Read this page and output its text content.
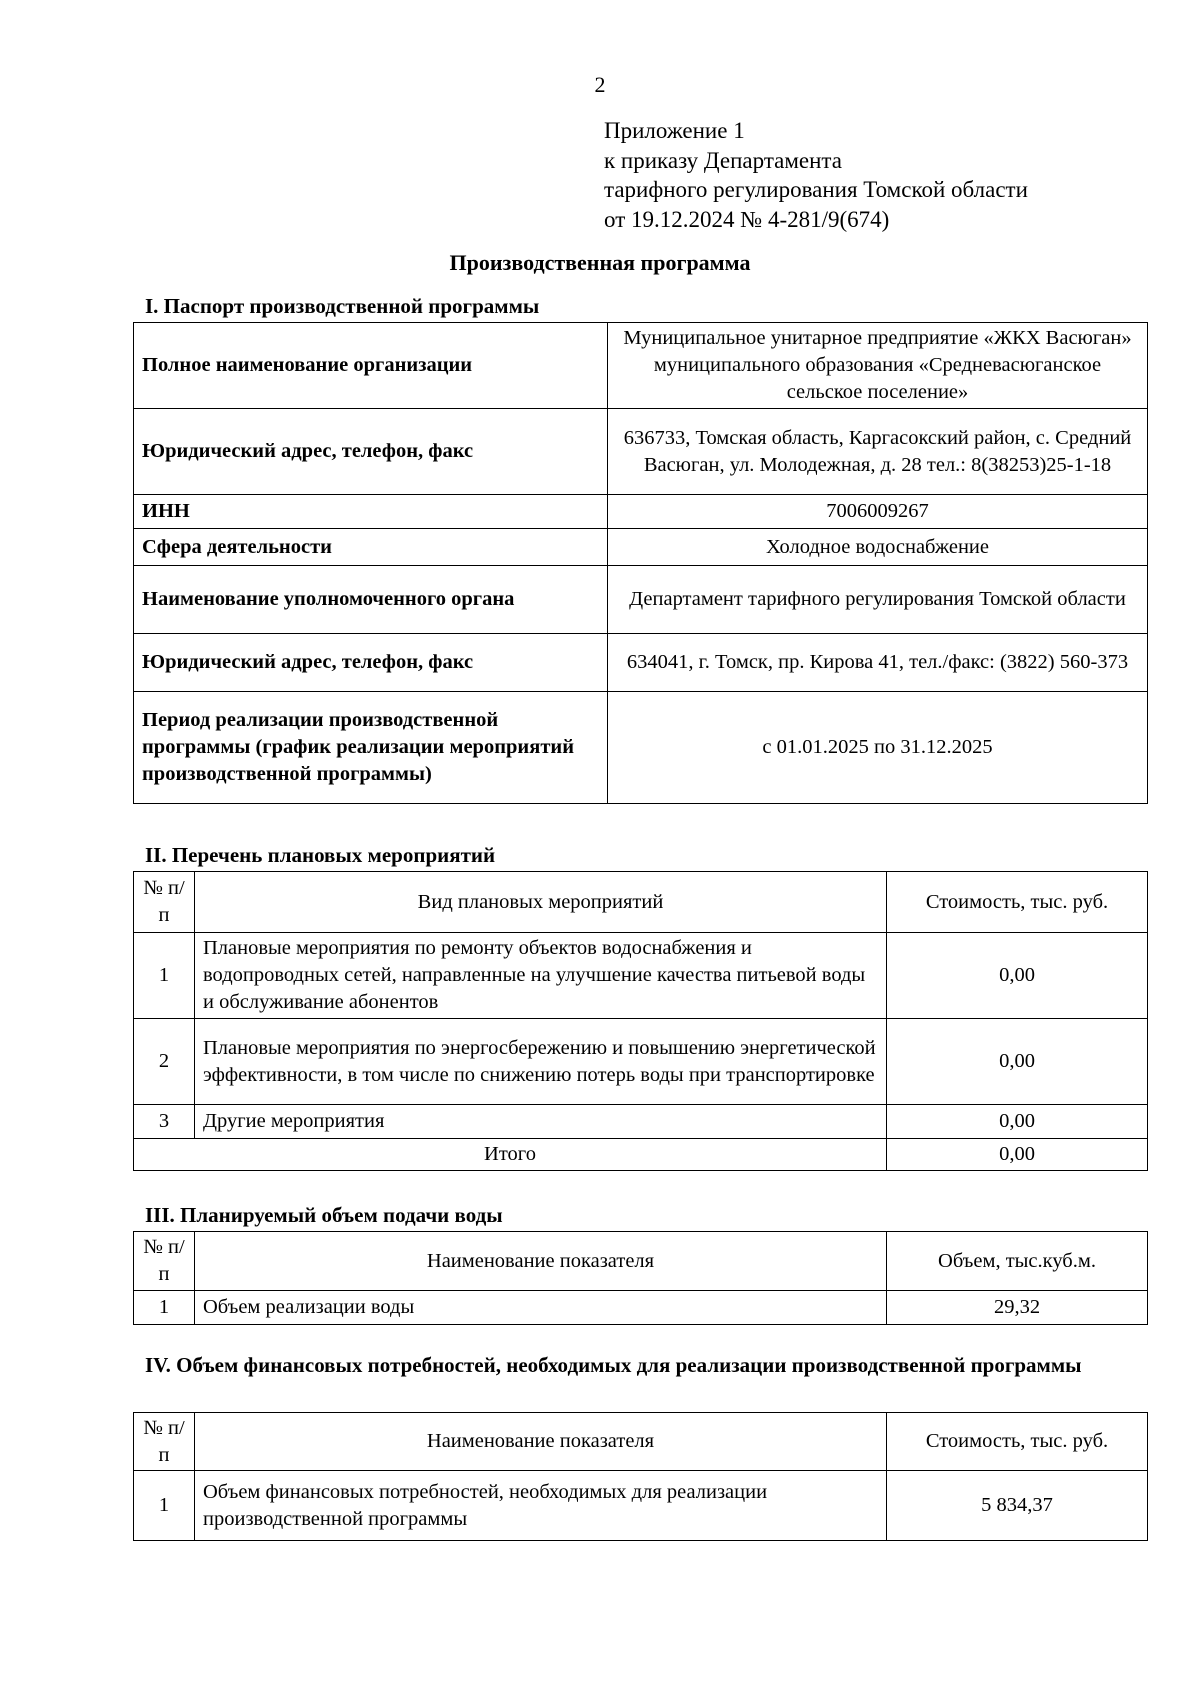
2
Приложение 1
к приказу Департамента
тарифного регулирования Томской области
от 19.12.2024 № 4-281/9(674)
Производственная программа
I. Паспорт производственной программы
Полное наименование организации	Муниципальное унитарное предприятие «ЖКХ Васюган» муниципального образования «Средневасюганское сельское поселение»
Юридический адрес, телефон, факс	636733, Томская область, Каргасокский район, с. Средний Васюган, ул. Молодежная, д. 28 тел.: 8(38253)25-1-18
ИНН	7006009267
Сфера деятельности	Холодное водоснабжение
Наименование уполномоченного органа	Департамент тарифного регулирования Томской области
Юридический адрес, телефон, факс	634041, г. Томск, пр. Кирова 41, тел./факс: (3822) 560-373
Период реализации производственной программы (график реализации мероприятий производственной программы)	с 01.01.2025 по 31.12.2025
II. Перечень плановых мероприятий
№ п/п	Вид плановых мероприятий	Стоимость, тыс. руб.
1	Плановые мероприятия по ремонту объектов водоснабжения и водопроводных сетей, направленные на улучшение качества питьевой воды и обслуживание абонентов	0,00
2	Плановые мероприятия по энергосбережению и повышению энергетической эффективности, в том числе по снижению потерь воды при транспортировке	0,00
3	Другие мероприятия	0,00
Итого		0,00
III. Планируемый объем подачи воды
№ п/п	Наименование показателя	Объем, тыс.куб.м.
1	Объем реализации воды	29,32
IV. Объем финансовых потребностей, необходимых для реализации производственной программы
№ п/п	Наименование показателя	Стоимость, тыс. руб.
1	Объем финансовых потребностей, необходимых для реализации производственной программы	5 834,37
